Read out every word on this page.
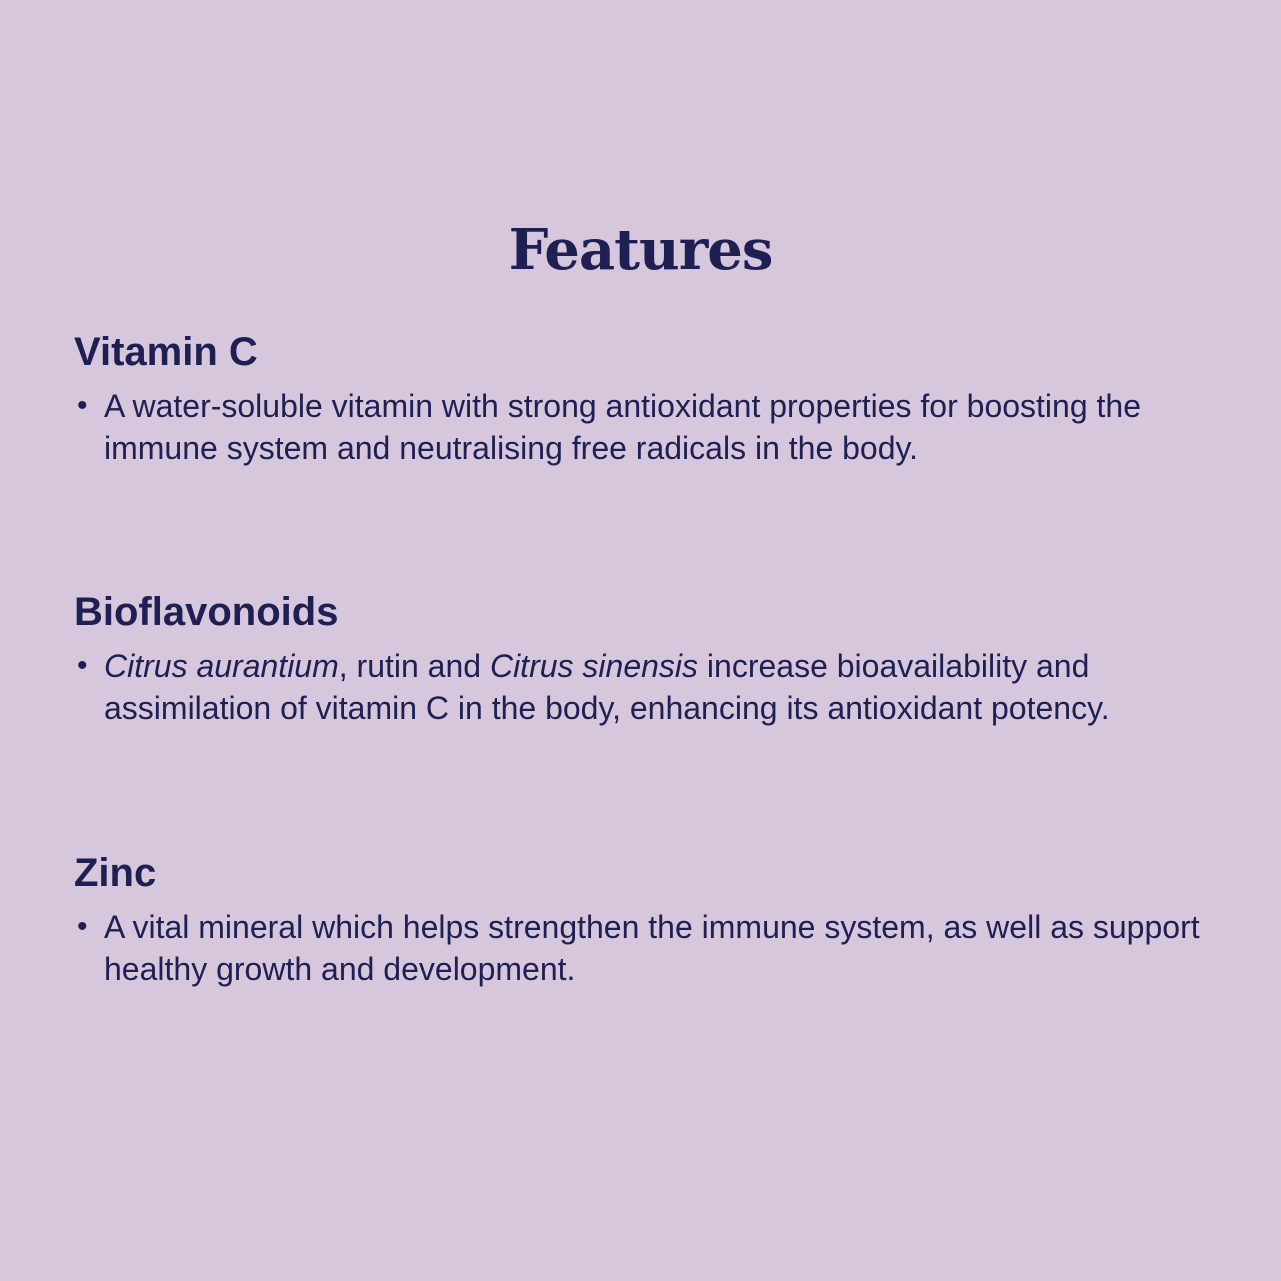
Features
Vitamin C
• A water-soluble vitamin with strong antioxidant properties for boosting the immune system and neutralising free radicals in the body.
Bioflavonoids
• Citrus aurantium, rutin and Citrus sinensis increase bioavailability and assimilation of vitamin C in the body, enhancing its antioxidant potency.
Zinc
• A vital mineral which helps strengthen the immune system, as well as support healthy growth and development.
